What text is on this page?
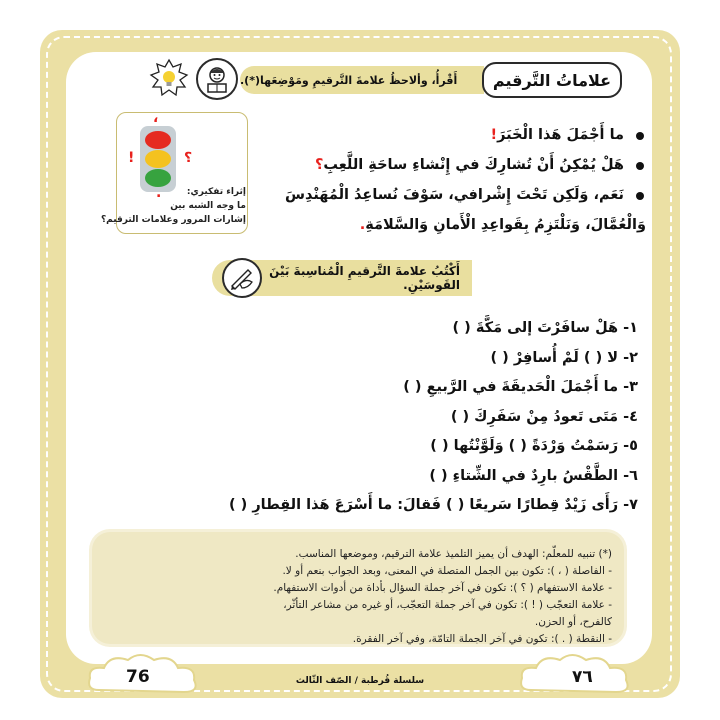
أَقْرأُ، وألاحظُ علامةَ التَّرقيمِ ومَوْضِعَها(*).	علاماتُ التَّرقيم
ما أَجْمَلَ هَذا الْخَبَرَ!
هَلْ يُمْكِنُ أَنْ تُشارِكَ في إِنْشاءِ ساحَةِ اللَّعِبِ؟
نَعَم، وَلَكِن تَحْتَ إِشْرافي، سَوْفَ نُساعِدُ الْمُهَنْدِسَ
وَالْعُمَّالَ، وَنَلْتَزِمُ بِقَواعِدِ الْأَمانِ وَالسَّلامَةِ.
،
!	؟
.	إثراء تفكيري:
ما وجه الشبه بين
إشارات المرور وعلامات الترقيم؟
أَكْتُبُ علامةَ التَّرقيمِ الْمُناسِبةَ بَيْنَ القَوسَيْنِ.
١- هَلْ سافَرْتَ إلى مَكَّةَ ( )
٢- لا ( ) لَمْ أُسافِرْ ( )
٣- ما أَجْمَلَ الْحَديقَةَ في الرَّبيعِ ( )
٤- مَتَى تَعودُ مِنْ سَفَرِكَ ( )
٥- رَسَمْتُ وَرْدَةً ( ) وَلَوَّنْتُها ( )
٦- الطَّقْسُ بارِدٌ في الشِّتاءِ ( )
٧- رَأَى زَيْدٌ قِطارًا سَريعًا ( ) فَقالَ: ما أَسْرَعَ هَذا القِطارِ ( )
(*) تنبيه للمعلّم: الهدف أن يميز التلميذ علامة الترقيم، وموضعها المناسب.
- الفاصلة ( ، ): تكون بين الجمل المتصلة في المعنى، وبعد الجواب بنعم أو لا.
- علامة الاستفهام ( ؟ ): تكون في آخر جملة السؤال بأداة من أدوات الاستفهام.
- علامة التعجّب ( ! ): تكون في آخر جملة التعجّب، أو غيره من مشاعر التأثّر،
كالفرح، أو الحزن.
- النقطة ( . ): تكون في آخر الجملة التامّة، وفي آخر الفقرة.
76	٧٦
سلسلة قُرطبة / الصّف الثّالث
